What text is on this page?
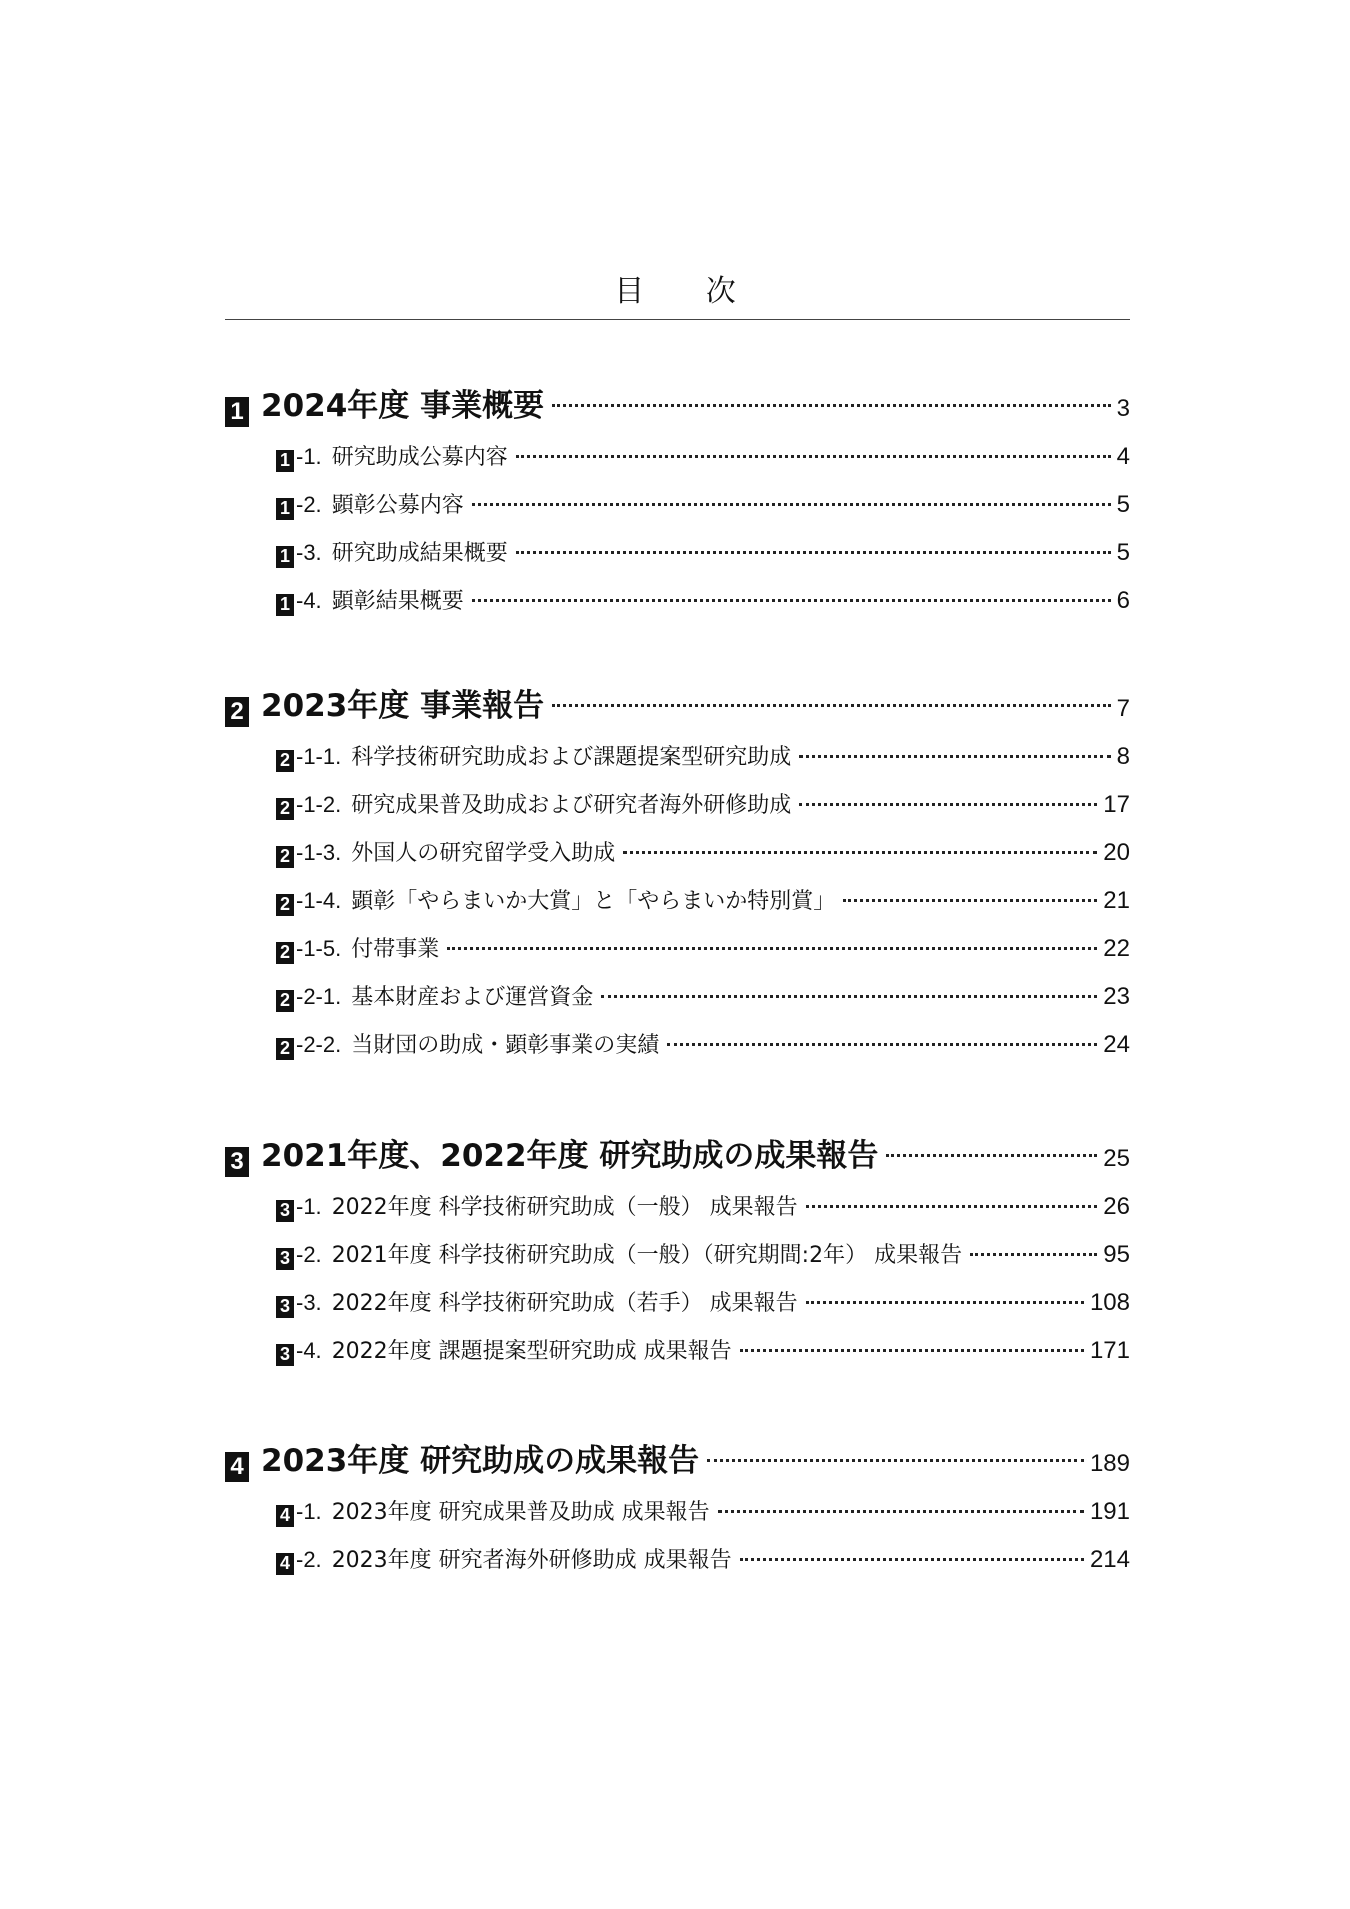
目 次
1 2024年度 事業概要	3
1 -1. 研究助成公募内容	4
1 -2. 顕彰公募内容	5
1 -3. 研究助成結果概要	5
1 -4. 顕彰結果概要	6
2 2023年度 事業報告	7
2 -1-1. 科学技術研究助成および課題提案型研究助成	8
2 -1-2. 研究成果普及助成および研究者海外研修助成	17
2 -1-3. 外国人の研究留学受入助成	20
2 -1-4. 顕彰「やらまいか大賞」と「やらまいか特別賞」	21
2 -1-5. 付帯事業	22
2 -2-1. 基本財産および運営資金	23
2 -2-2. 当財団の助成・顕彰事業の実績	24
3 2021年度、2022年度 研究助成の成果報告	25
3 -1. 2022年度 科学技術研究助成（一般） 成果報告	26
3 -2. 2021年度 科学技術研究助成（一般）（研究期間:2年） 成果報告	95
3 -3. 2022年度 科学技術研究助成（若手） 成果報告	108
3 -4. 2022年度 課題提案型研究助成 成果報告	171
4 2023年度 研究助成の成果報告	189
4 -1. 2023年度 研究成果普及助成 成果報告	191
4 -2. 2023年度 研究者海外研修助成 成果報告	214
